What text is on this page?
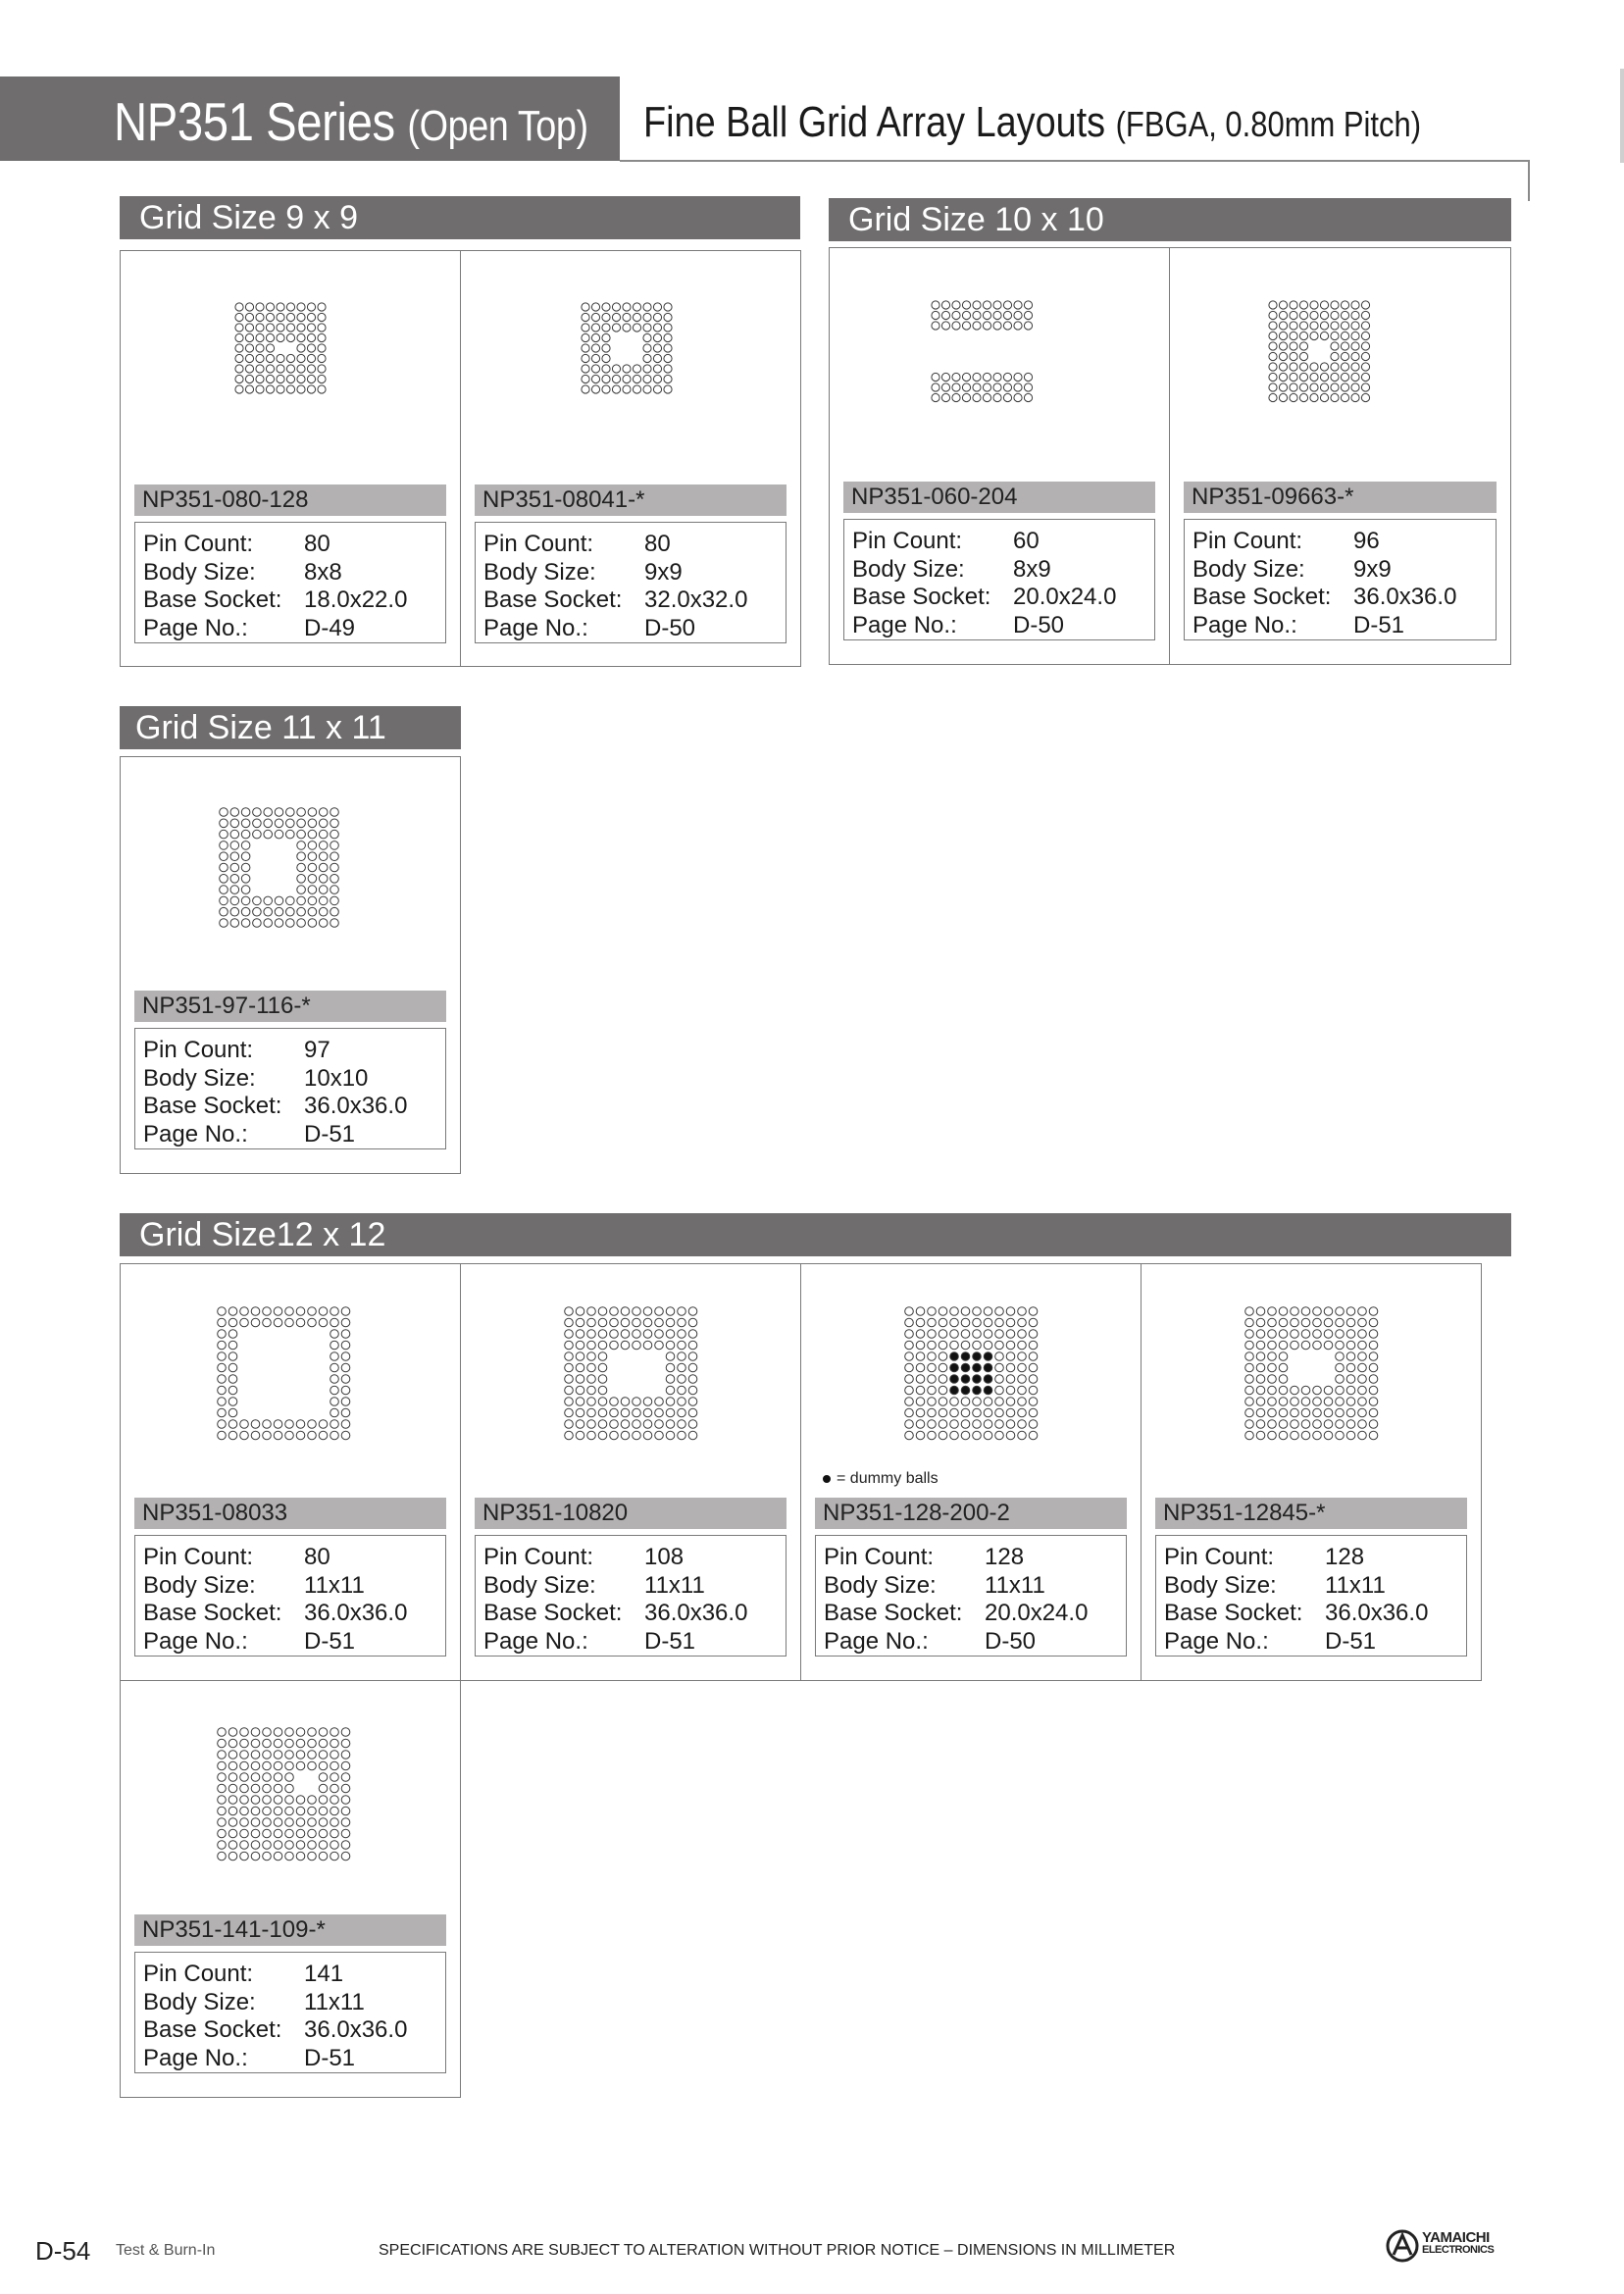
NP351 Series (Open Top) Fine Ball Grid Array Layouts (FBGA, 0.80mm Pitch)
Grid Size 9 x 9	Grid Size 10 x 10
Grid Size 11 x 11
Grid Size12 x 12
NP351-080-128
Pin Count: 80
Body Size: 8x8
Base Socket: 18.0x22.0
Page No.: D-49
NP351-08041-*
Pin Count: 80
Body Size: 9x9
Base Socket: 32.0x32.0
Page No.: D-50
NP351-060-204
Pin Count: 60
Body Size: 8x9
Base Socket: 20.0x24.0
Page No.: D-50
NP351-09663-*
Pin Count: 96
Body Size: 9x9
Base Socket: 36.0x36.0
Page No.: D-51
NP351-97-116-*
Pin Count: 97
Body Size: 10x10
Base Socket: 36.0x36.0
Page No.: D-51
NP351-08033
Pin Count: 80
Body Size: 11x11
Base Socket: 36.0x36.0
Page No.: D-51
NP351-10820
Pin Count: 108
Body Size: 11x11
Base Socket: 36.0x36.0
Page No.: D-51
= dummy balls
NP351-128-200-2
Pin Count: 128
Body Size: 11x11
Base Socket: 20.0x24.0
Page No.: D-50
NP351-12845-*
Pin Count: 128
Body Size: 11x11
Base Socket: 36.0x36.0
Page No.: D-51
NP351-141-109-*
Pin Count: 141
Body Size: 11x11
Base Socket: 36.0x36.0
Page No.: D-51
D-54 Test & Burn-In	SPECIFICATIONS ARE SUBJECT TO ALTERATION WITHOUT PRIOR NOTICE – DIMENSIONS IN MILLIMETER
YAMAICHI
ELECTRONICS
